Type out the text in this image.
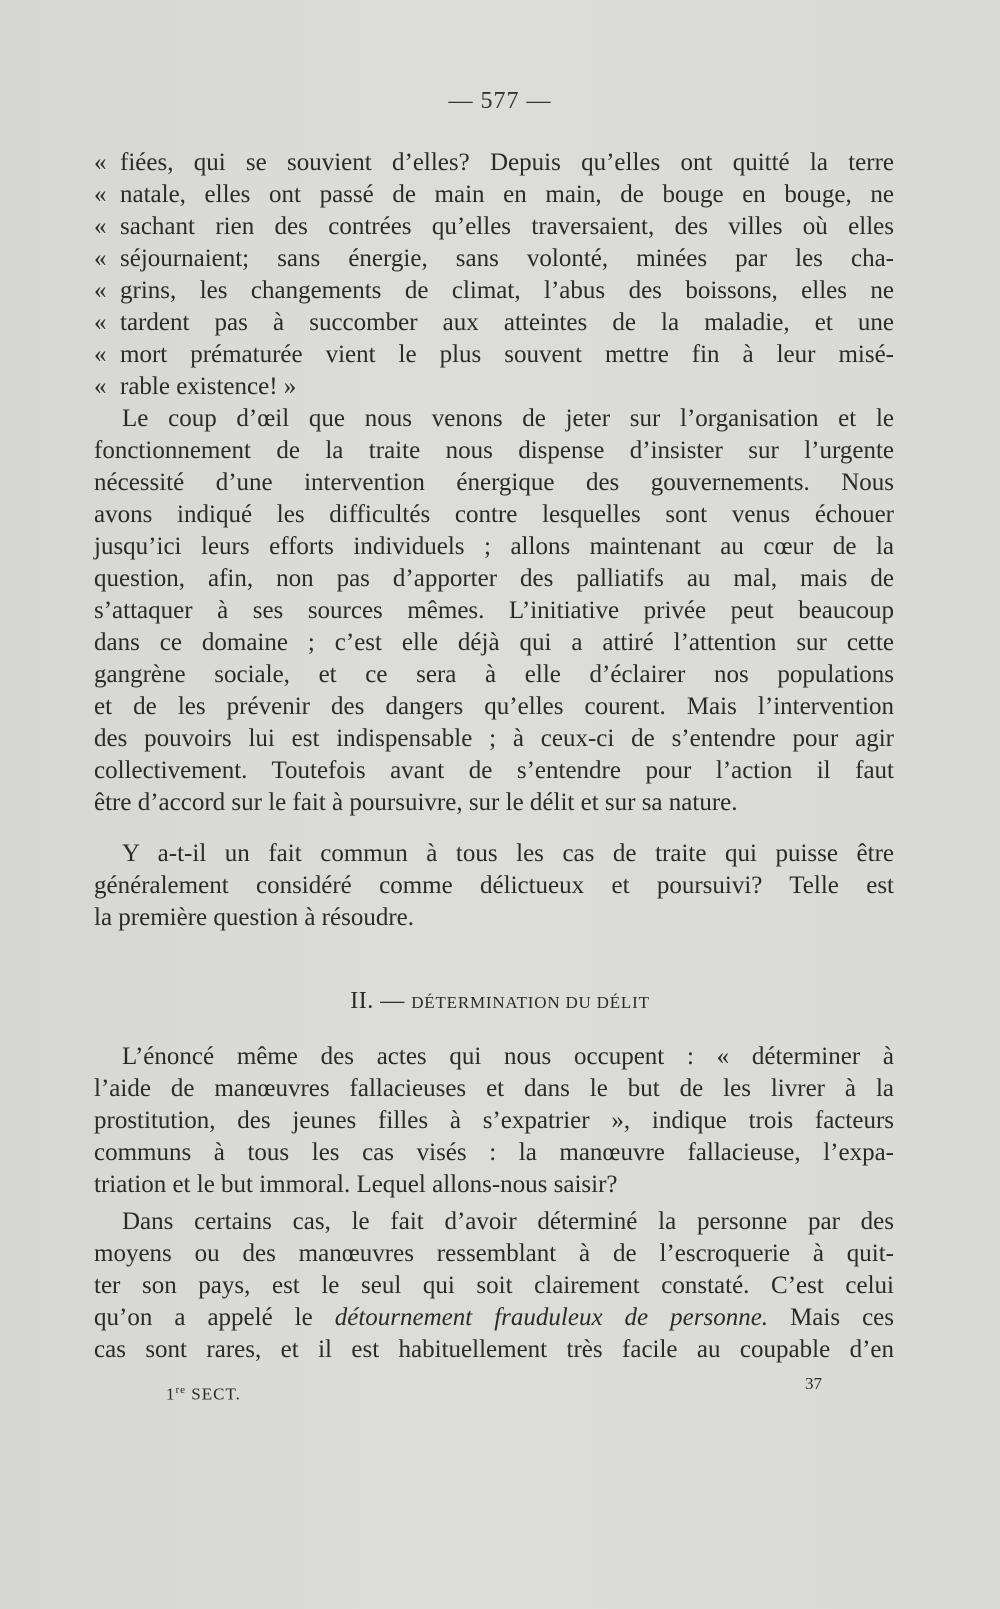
— 577 —
« fiées, qui se souvient d’elles? Depuis qu’elles ont quitté la terre
« natale, elles ont passé de main en main, de bouge en bouge, ne
« sachant rien des contrées qu’elles traversaient, des villes où elles
« séjournaient; sans énergie, sans volonté, minées par les cha-
« grins, les changements de climat, l’abus des boissons, elles ne
« tardent pas à succomber aux atteintes de la maladie, et une
« mort prématurée vient le plus souvent mettre fin à leur misé-
« rable existence! »
Le coup d’œil que nous venons de jeter sur l’organisation et le
fonctionnement de la traite nous dispense d’insister sur l’urgente
nécessité d’une intervention énergique des gouvernements. Nous
avons indiqué les difficultés contre lesquelles sont venus échouer
jusqu’ici leurs efforts individuels ; allons maintenant au cœur de la
question, afin, non pas d’apporter des palliatifs au mal, mais de
s’attaquer à ses sources mêmes. L’initiative privée peut beaucoup
dans ce domaine ; c’est elle déjà qui a attiré l’attention sur cette
gangrène sociale, et ce sera à elle d’éclairer nos populations
et de les prévenir des dangers qu’elles courent. Mais l’intervention
des pouvoirs lui est indispensable ; à ceux-ci de s’entendre pour agir
collectivement. Toutefois avant de s’entendre pour l’action il faut
être d’accord sur le fait à poursuivre, sur le délit et sur sa nature.
Y a-t-il un fait commun à tous les cas de traite qui puisse être
généralement considéré comme délictueux et poursuivi? Telle est
la première question à résoudre.
II. — DÉTERMINATION DU DÉLIT
L’énoncé même des actes qui nous occupent : « déterminer à
l’aide de manœuvres fallacieuses et dans le but de les livrer à la
prostitution, des jeunes filles à s’expatrier », indique trois facteurs
communs à tous les cas visés : la manœuvre fallacieuse, l’expa-
triation et le but immoral. Lequel allons-nous saisir?
Dans certains cas, le fait d’avoir déterminé la personne par des
moyens ou des manœuvres ressemblant à de l’escroquerie à quit-
ter son pays, est le seul qui soit clairement constaté. C’est celui
qu’on a appelé le détournement frauduleux de personne. Mais ces
cas sont rares, et il est habituellement très facile au coupable d’en
1re SECT.
37
